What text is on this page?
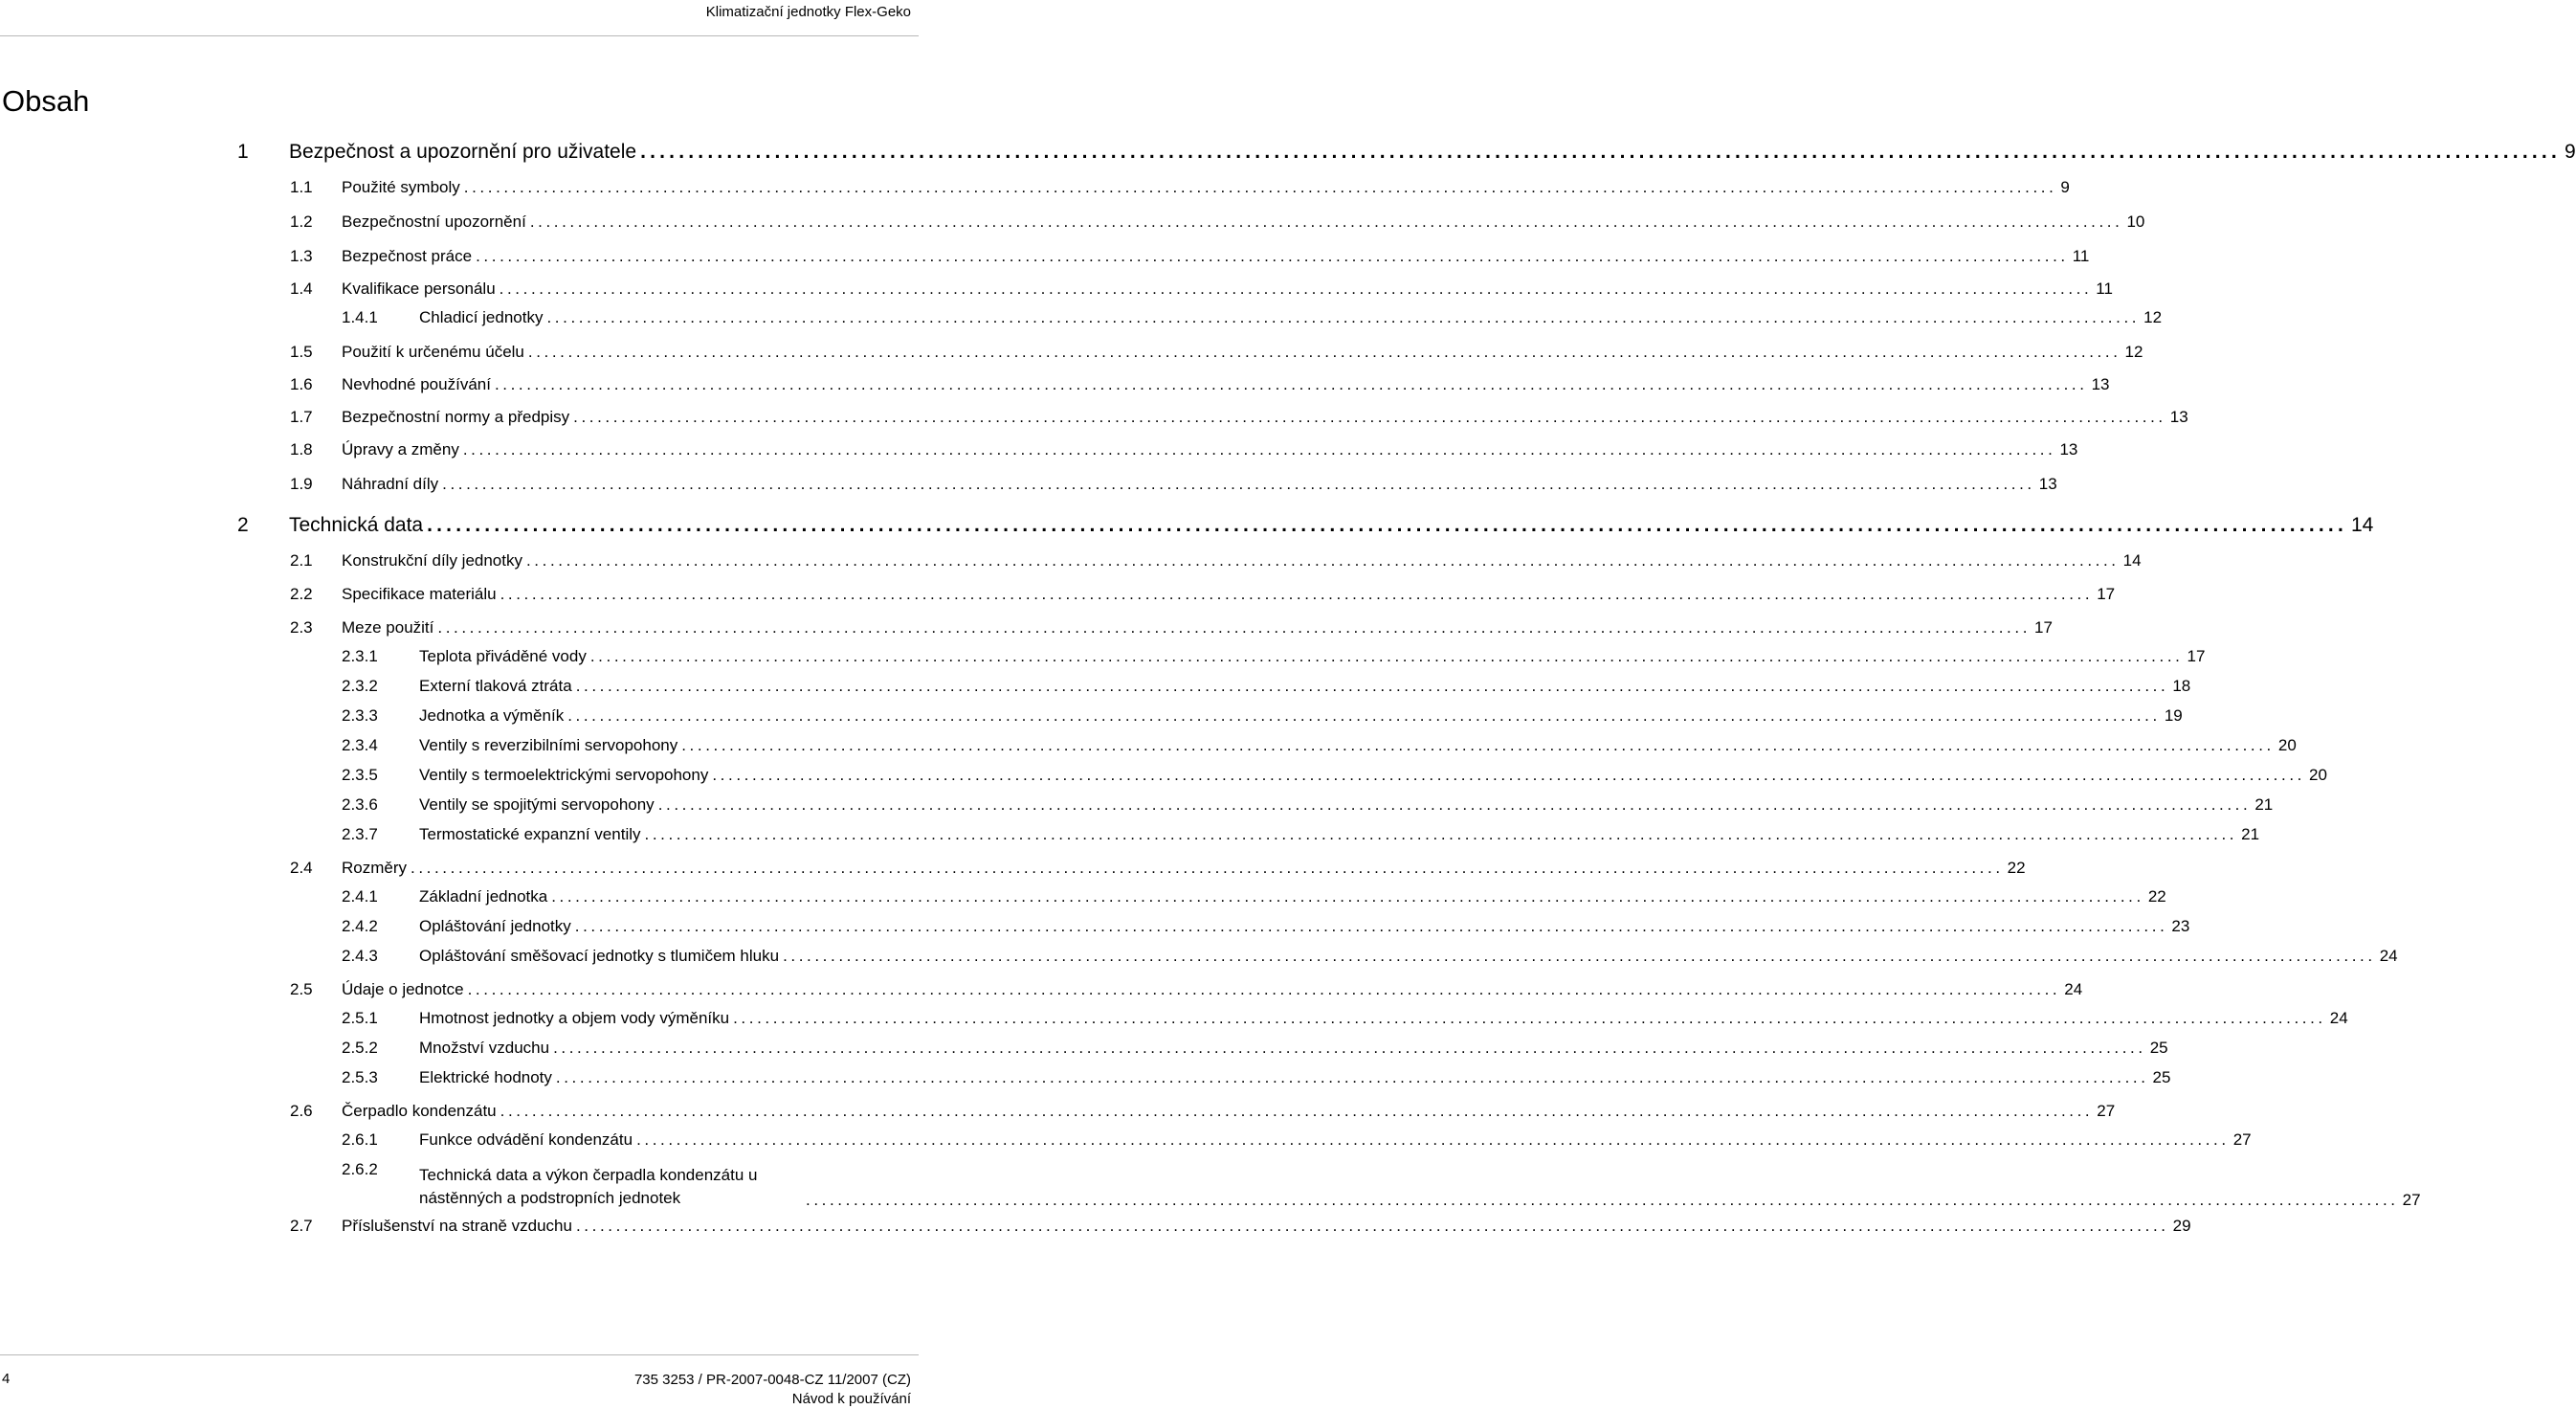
Klimatizační jednotky Flex-Geko
Obsah
1 Bezpečnost a upozornění pro uživatele ........................................................................................................................................................................................................ 9
1.1 Použité symboly ........................................................................................................................................................................................................ 9
1.2 Bezpečnostní upozornění ........................................................................................................................................................................................................ 10
1.3 Bezpečnost práce ........................................................................................................................................................................................................ 11
1.4 Kvalifikace personálu ........................................................................................................................................................................................................ 11
1.4.1	Chladicí jednotky ........................................................................................................................................................................................................ 12
1.5 Použití k určenému účelu ........................................................................................................................................................................................................ 12
1.6 Nevhodné používání ........................................................................................................................................................................................................ 13
1.7 Bezpečnostní normy a předpisy ........................................................................................................................................................................................................ 13
1.8 Úpravy a změny ........................................................................................................................................................................................................ 13
1.9 Náhradní díly ........................................................................................................................................................................................................ 13
2 Technická data ........................................................................................................................................................................................................ 14
2.1 Konstrukční díly jednotky ........................................................................................................................................................................................................ 14
2.2 Specifikace materiálu ........................................................................................................................................................................................................ 17
2.3 Meze použití ........................................................................................................................................................................................................ 17
2.3.1	Teplota přiváděné vody ........................................................................................................................................................................................................ 17
2.3.2	Externí tlaková ztráta ........................................................................................................................................................................................................ 18
2.3.3	Jednotka a výměník ........................................................................................................................................................................................................ 19
2.3.4	Ventily s reverzibilními servopohony ........................................................................................................................................................................................................ 20
2.3.5	Ventily s termoelektrickými servopohony ........................................................................................................................................................................................................ 20
2.3.6	Ventily se spojitými servopohony ........................................................................................................................................................................................................ 21
2.3.7	Termostatické expanzní ventily ........................................................................................................................................................................................................ 21
2.4 Rozměry ........................................................................................................................................................................................................ 22
2.4.1	Základní jednotka ........................................................................................................................................................................................................ 22
2.4.2	Opláštování jednotky ........................................................................................................................................................................................................ 23
2.4.3	Opláštování směšovací jednotky s tlumičem hluku ........................................................................................................................................................................................................ 24
2.5 Údaje o jednotce ........................................................................................................................................................................................................ 24
2.5.1	Hmotnost jednotky a objem vody výměníku ........................................................................................................................................................................................................ 24
2.5.2	Množství vzduchu ........................................................................................................................................................................................................ 25
2.5.3	Elektrické hodnoty ........................................................................................................................................................................................................ 25
2.6 Čerpadlo kondenzátu ........................................................................................................................................................................................................ 27
2.6.1	Funkce odvádění kondenzátu ........................................................................................................................................................................................................ 27
2.6.2	Technická data a výkon čerpadla kondenzátu u nástěnných a podstropních jednotek	........................................................................................................................................................................................................ 27
2.7 Příslušenství na straně vzduchu ........................................................................................................................................................................................................ 29
4	735 3253 / PR-2007-0048-CZ 11/2007 (CZ)
Návod k používání
